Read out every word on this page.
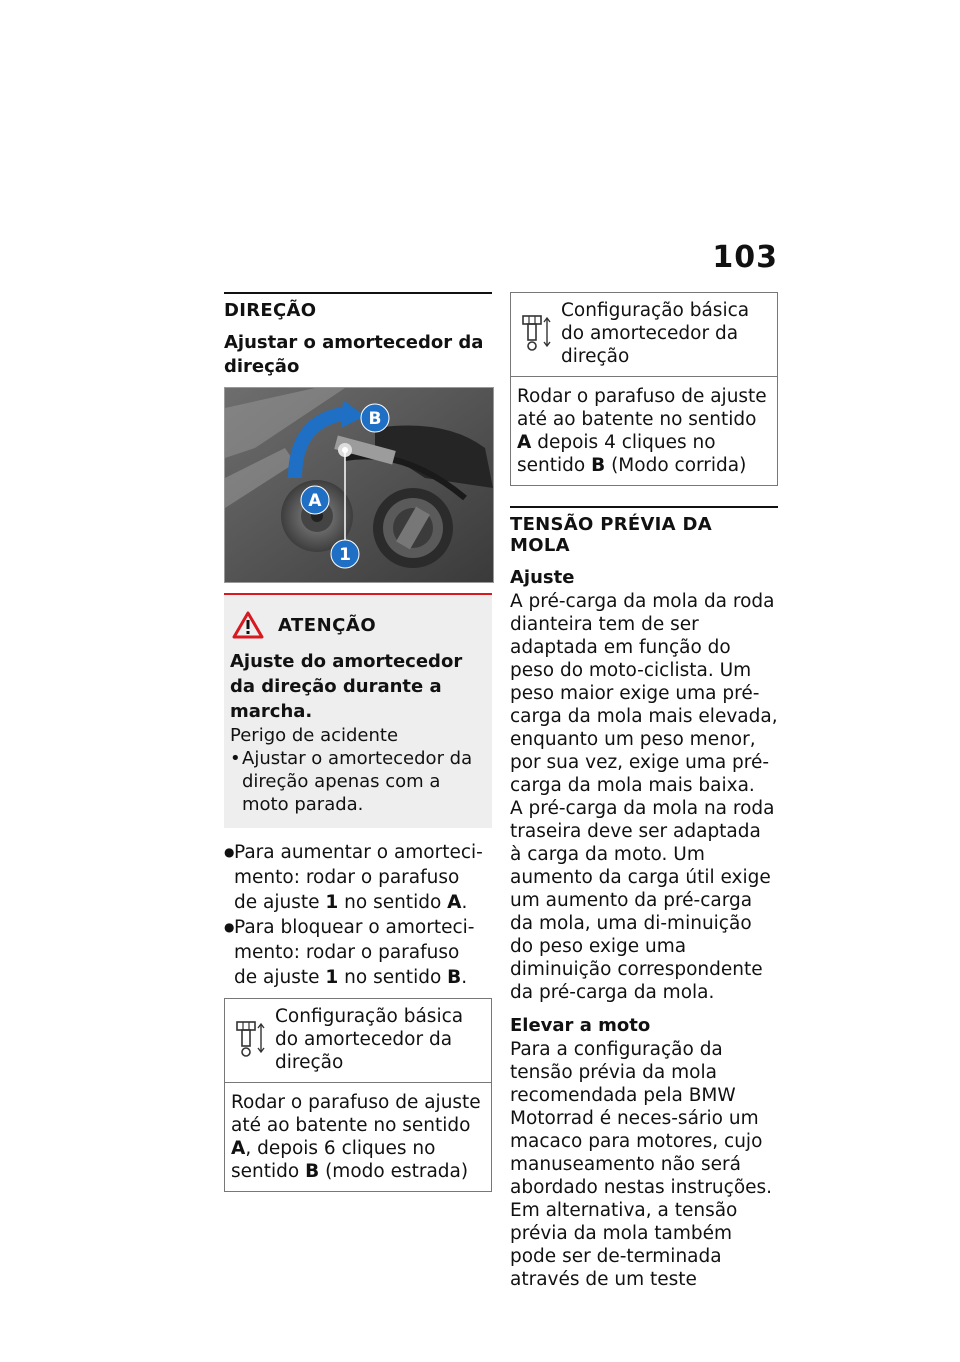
103
DIREÇÃO
Ajustar o amortecedor da direção
B
A
1
ATENÇÃO
Ajuste do amortecedor da direção durante a marcha.
Perigo de acidente
• Ajustar o amortecedor da direção apenas com a moto parada.
● Para aumentar o amorteci-mento: rodar o parafuso de ajuste 1 no sentido A.
● Para bloquear o amorteci-mento: rodar o parafuso de ajuste 1 no sentido B.
Configuração básica do amortecedor da direção
Rodar o parafuso de ajuste até ao batente no sentido A, depois 6 cliques no sentido B (modo estrada)
Configuração básica do amortecedor da direção
Rodar o parafuso de ajuste até ao batente no sentido A depois 4 cliques no sentido B (Modo corrida)
TENSÃO PRÉVIA DA MOLA
Ajuste
A pré-carga da mola da roda dianteira tem de ser adaptada em função do peso do moto-ciclista. Um peso maior exige uma pré-carga da mola mais elevada, enquanto um peso menor, por sua vez, exige uma pré-carga da mola mais baixa.
A pré-carga da mola na roda traseira deve ser adaptada à carga da moto. Um aumento da carga útil exige um aumento da pré-carga da mola, uma di-minuição do peso exige uma diminuição correspondente da pré-carga da mola.
Elevar a moto
Para a configuração da tensão prévia da mola recomendada pela BMW Motorrad é neces-sário um macaco para motores, cujo manuseamento não será abordado nestas instruções.
Em alternativa, a tensão prévia da mola também pode ser de-terminada através de um teste
